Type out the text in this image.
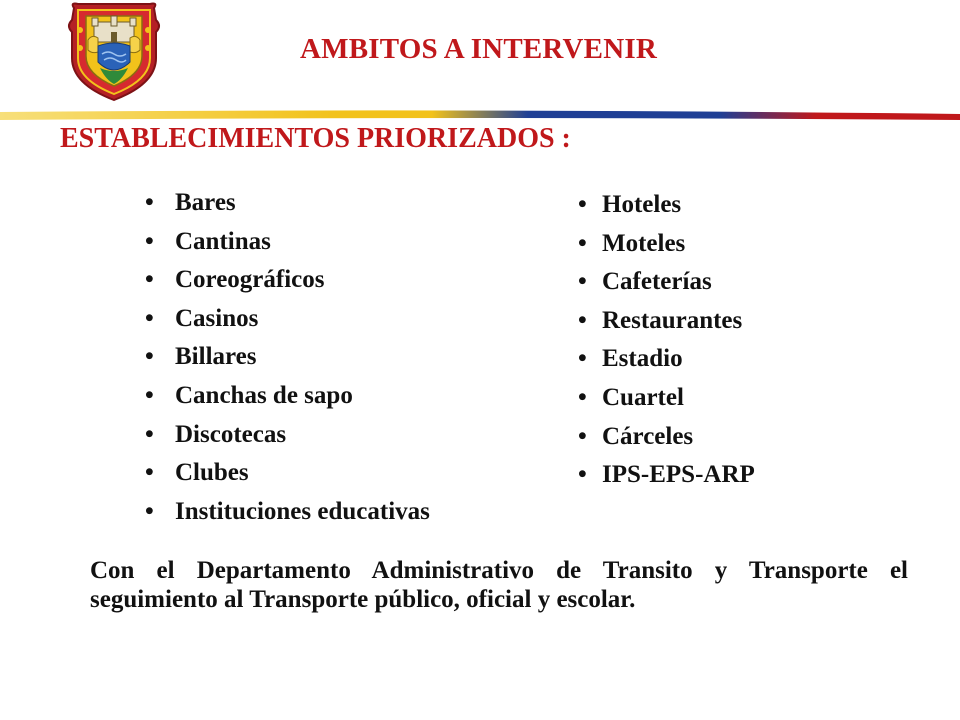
AMBITOS A INTERVENIR
ESTABLECIMIENTOS PRIORIZADOS :
• Bares
• Cantinas
• Coreográficos
• Casinos
• Billares
• Canchas de sapo
• Discotecas
• Clubes
• Instituciones educativas
• Hoteles
• Moteles
• Cafeterías
• Restaurantes
• Estadio
• Cuartel
• Cárceles
• IPS-EPS-ARP
Con el Departamento Administrativo de Transito y Transporte el seguimiento al Transporte público, oficial y escolar.
